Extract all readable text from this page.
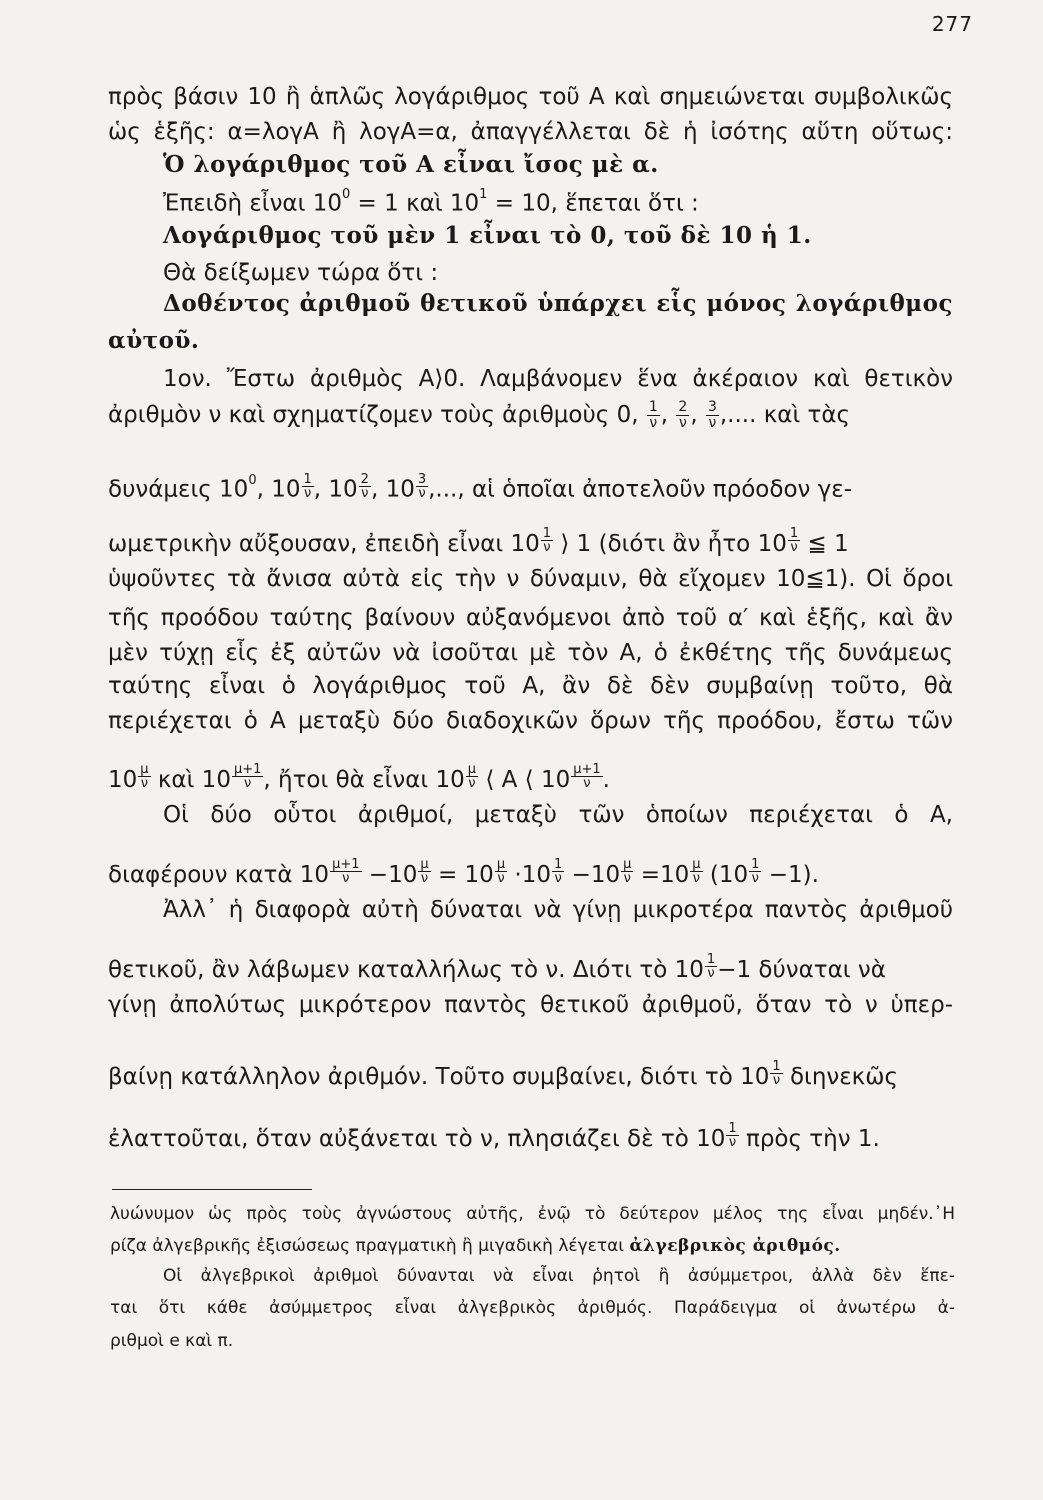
277
πρὸς βάσιν 10 ἢ ἁπλῶς λογάριθμος τοῦ Α καὶ σημειώνεται συμβολικῶς
ὡς ἑξῆς: α=λογΑ ἢ λογΑ=α, ἀπαγγέλλεται δὲ ἡ ἰσότης αὕτη οὕτως:
Ὁ λογάριθμος τοῦ Α εἶναι ἴσος μὲ α.
Ἐπειδὴ εἶναι $10^0 = 1$ καὶ $10^1 = 10$, ἕπεται ὅτι :
Λογάριθμος τοῦ μὲν 1 εἶναι τὸ 0, τοῦ δὲ 10 ἡ 1.
Θὰ δείξωμεν τώρα ὅτι :
Δοθέντος ἀριθμοῦ θετικοῦ ὑπάρχει εἷς μόνος λογάριθμος
αὐτοῦ.
1ον. Ἔστω ἀριθμὸς Α⟩0. Λαμβάνομεν ἕνα ἀκέραιον καὶ θετικὸν
ἀριθμὸν ν καὶ σχηματίζομεν τοὺς ἀριθμοὺς 0, $\frac{1}{\nu}$ , $\frac{2}{\nu}$ , $\frac{3}{\nu}$ ,.... καὶ τὰς
δυνάμεις $10^0$, $10 \frac{1}{\nu}$ , $10 \frac{2}{\nu}$ , $10 \frac{3}{\nu}$ ,..., αἱ ὁποῖαι ἀποτελοῦν πρόοδον γε-
ωμετρικὴν αὔξουσαν, ἐπειδὴ εἶναι $10 \frac{1}{\nu}$ ⟩ 1 (διότι ἂν ἦτο $10 \frac{1}{\nu}$ ≦ 1
ὑψοῦντες τὰ ἄνισα αὐτὰ εἰς τὴν ν δύναμιν, θὰ εἴχομεν 10≦1). Οἱ ὅροι
τῆς προόδου ταύτης βαίνουν αὐξανόμενοι ἀπὸ τοῦ α′ καὶ ἑξῆς, καὶ ἂν
μὲν τύχῃ εἷς ἐξ αὐτῶν νὰ ἰσοῦται μὲ τὸν Α, ὁ ἐκθέτης τῆς δυνάμεως
ταύτης εἶναι ὁ λογάριθμος τοῦ Α, ἂν δὲ δὲν συμβαίνῃ τοῦτο, θὰ
περιέχεται ὁ Α μεταξὺ δύο διαδοχικῶν ὅρων τῆς προόδου, ἔστω τῶν
$10 \frac{\mu}{\nu}$ καὶ $10 \frac{\mu+1}{\nu}$ , ἤτοι θὰ εἶναι $10 \frac{\mu}{\nu}$ ⟨ Α ⟨ $10 \frac{\mu+1}{\nu}$ .
Οἱ δύο οὗτοι ἀριθμοί, μεταξὺ τῶν ὁποίων περιέχεται ὁ Α,
διαφέρουν κατὰ $10 \frac{\mu+1}{\nu} -10 \frac{\mu}{\nu} = 10 \frac{\mu}{\nu} \cdot 10 \frac{1}{\nu} -10 \frac{\mu}{\nu} =10 \frac{\mu}{\nu} (10 \frac{1}{\nu} -1)$.
Ἀλλ᾽ ἡ διαφορὰ αὐτὴ δύναται νὰ γίνῃ μικροτέρα παντὸς ἀριθμοῦ
θετικοῦ, ἂν λάβωμεν καταλλήλως τὸ ν. Διότι τὸ $10 \frac{1}{\nu} -1$ δύναται νὰ
γίνῃ ἀπολύτως μικρότερον παντὸς θετικοῦ ἀριθμοῦ, ὅταν τὸ ν ὑπερ-
βαίνῃ κατάλληλον ἀριθμόν. Τοῦτο συμβαίνει, διότι τὸ $10 \frac{1}{\nu}$ διηνεκῶς
ἐλαττοῦται, ὅταν αὐξάνεται τὸ ν, πλησιάζει δὲ τὸ $10 \frac{1}{\nu}$ πρὸς τὴν 1.
λυώνυμον ὡς πρὸς τοὺς ἀγνώστους αὐτῆς, ἐνῷ τὸ δεύτερον μέλος της εἶναι μηδέν.᾽Η
ρίζα ἀλγεβρικῆς ἐξισώσεως πραγματικὴ ἢ μιγαδικὴ λέγεται ἀλγεβρικὸς ἀριθμός.
Οἱ ἀλγεβρικοὶ ἀριθμοὶ δύνανται νὰ εἶναι ῥητοὶ ἢ ἀσύμμετροι, ἀλλὰ δὲν ἕπε-
ται ὅτι κάθε ἀσύμμετρος εἶναι ἀλγεβρικὸς ἀριθμός. Παράδειγμα οἱ ἀνωτέρω ἀ-
ριθμοὶ e καὶ π.
